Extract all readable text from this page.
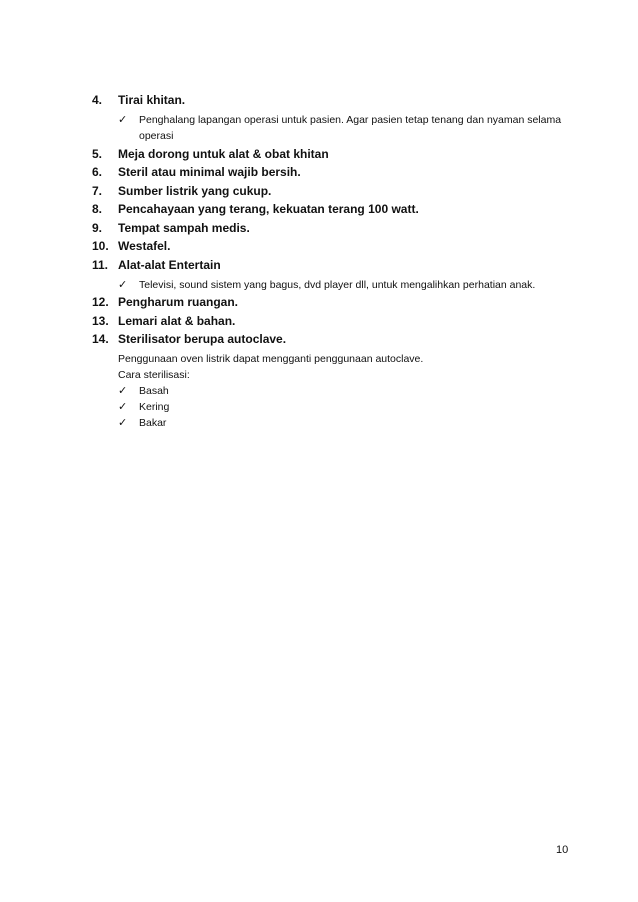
4. Tirai khitan.
✓ Penghalang lapangan operasi untuk pasien. Agar pasien tetap tenang dan nyaman selama operasi
5. Meja dorong untuk alat & obat khitan
6. Steril atau minimal wajib bersih.
7. Sumber listrik yang cukup.
8. Pencahayaan yang terang, kekuatan terang 100 watt.
9. Tempat sampah medis.
10. Westafel.
11. Alat-alat Entertain
✓ Televisi, sound sistem yang bagus, dvd player dll, untuk mengalihkan perhatian anak.
12. Pengharum ruangan.
13. Lemari alat & bahan.
14. Sterilisator berupa autoclave.
Penggunaan oven listrik dapat mengganti penggunaan autoclave.
Cara sterilisasi:
✓ Basah
✓ Kering
✓ Bakar
10
